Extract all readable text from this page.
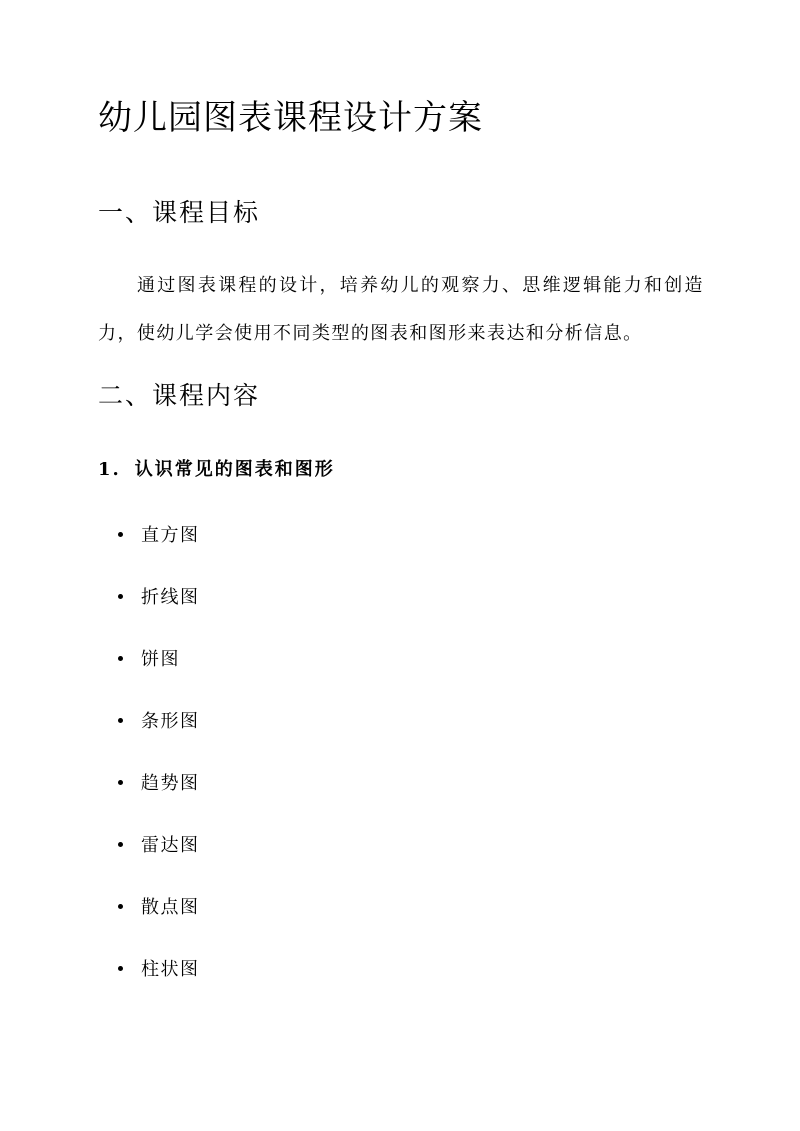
幼儿园图表课程设计方案
一、课程目标

通过图表课程的设计，培养幼儿的观察力、思维逻辑能力和创造力，使幼儿学会使用不同类型的图表和图形来表达和分析信息。

二、课程内容
1. 认识常见的图表和图形
直方图
折线图
饼图
条形图
趋势图
雷达图
散点图
柱状图
